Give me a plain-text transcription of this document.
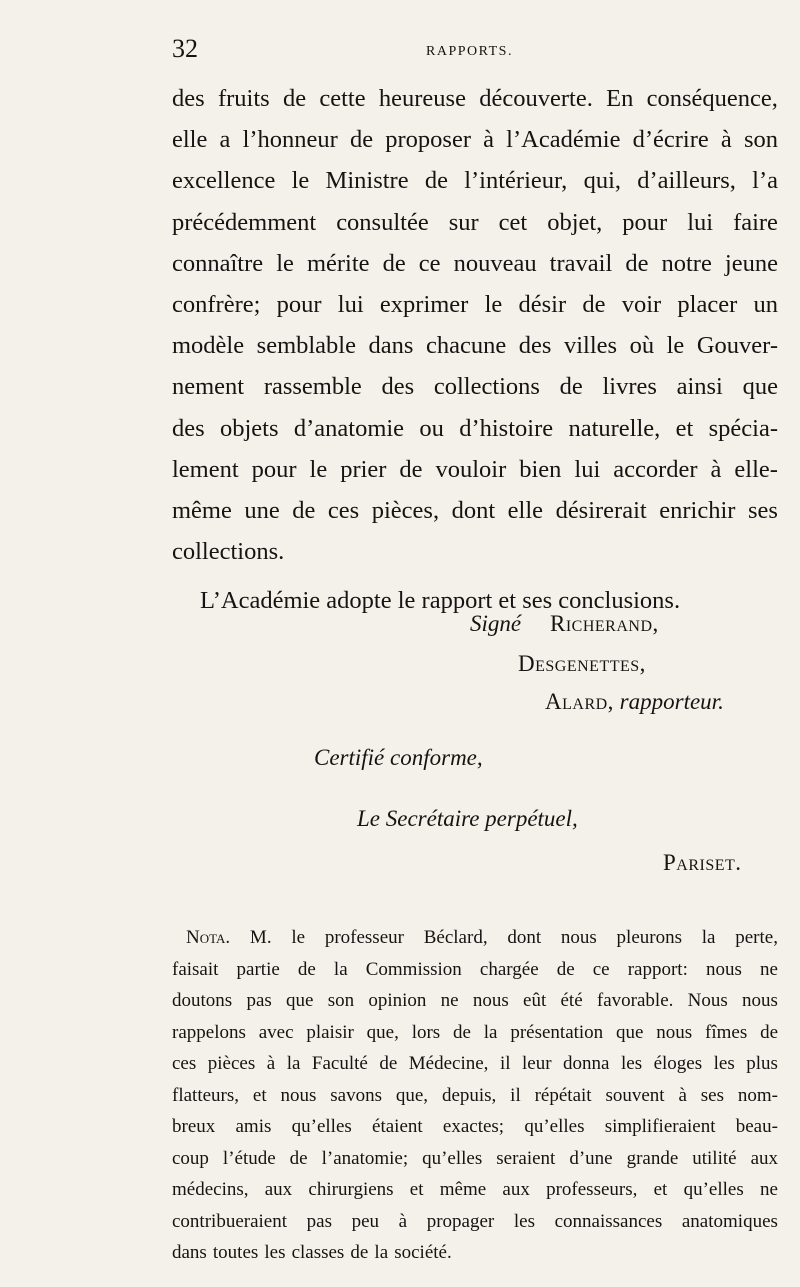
32	RAPPORTS.
des fruits de cette heureuse découverte. En conséquence,
elle a l’honneur de proposer à l’Académie d’écrire à son
excellence le Ministre de l’intérieur, qui, d’ailleurs, l’a
précédemment consultée sur cet objet, pour lui faire
connaître le mérite de ce nouveau travail de notre jeune
confrère; pour lui exprimer le désir de voir placer un
modèle semblable dans chacune des villes où le Gouver-
nement rassemble des collections de livres ainsi que
des objets d’anatomie ou d’histoire naturelle, et spécia-
lement pour le prier de vouloir bien lui accorder à elle-
même une de ces pièces, dont elle désirerait enrichir ses
collections.
L’Académie adopte le rapport et ses conclusions.
Signé Richerand,
Desgenettes,
Alard, rapporteur.
Certifié conforme,
Le Secrétaire perpétuel,
Pariset.
Nota. M. le professeur Béclard, dont nous pleurons la perte,
faisait partie de la Commission chargée de ce rapport: nous ne
doutons pas que son opinion ne nous eût été favorable. Nous nous
rappelons avec plaisir que, lors de la présentation que nous fîmes de
ces pièces à la Faculté de Médecine, il leur donna les éloges les plus
flatteurs, et nous savons que, depuis, il répétait souvent à ses nom-
breux amis qu’elles étaient exactes; qu’elles simplifieraient beau-
coup l’étude de l’anatomie; qu’elles seraient d’une grande utilité aux
médecins, aux chirurgiens et même aux professeurs, et qu’elles ne
contribueraient pas peu à propager les connaissances anatomiques
dans toutes les classes de la société.
